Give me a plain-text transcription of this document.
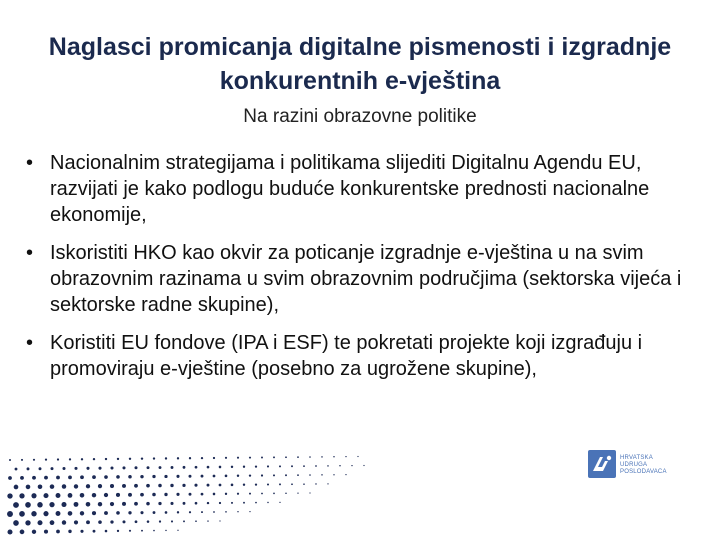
Naglasci promicanja digitalne pismenosti i izgradnje konkurentnih e-vještina
Na razini obrazovne politike
• Nacionalnim strategijama i politikama slijediti Digitalnu Agendu EU, razvijati je kako podlogu buduće konkurentske prednosti nacionalne ekonomije,
• Iskoristiti HKO kao okvir za poticanje izgradnje e-vještina u na svim obrazovnim razinama u svim obrazovnim područjima (sektorska vijeća i sektorske radne skupine),
• Koristiti EU fondove (IPA i ESF) te pokretati projekte koji izgrađuju i promoviraju e-vještine (posebno za ugrožene skupine),
HRVATSKA
UDRUGA
POSLODAVACA
